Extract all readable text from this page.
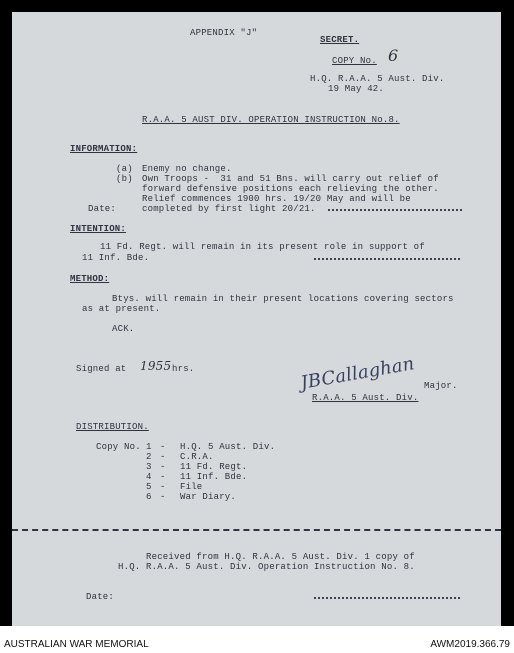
APPENDIX "J"
SECRET.
COPY No. 6
H.Q. R.A.A. 5 Aust. Div.
19 May 42.
R.A.A. 5 AUST DIV. OPERATION INSTRUCTION No.8.
INFORMATION:
(a) Enemy no change.
(b) Own Troops -  31 and 51 Bns. will carry out relief of
forward defensive positions each relieving the other.
Relief commences 1900 hrs. 19/20 May and will be
Date:	completed by first light 20/21.
INTENTION:
11 Fd. Regt. will remain in its present role in support of
11 Inf. Bde.
METHOD:
Btys. will remain in their present locations covering sectors
as at present.
ACK.
Signed at 1955 hrs.	JBCallaghan Major.
R.A.A. 5 Aust. Div.
DISTRIBUTION.
Copy No. 1 - H.Q. 5 Aust. Div.
2 - C.R.A.
3 - 11 Fd. Regt.
4 - 11 Inf. Bde.
5 - File
6 - War Diary.
Received from H.Q. R.A.A. 5 Aust. Div. 1 copy of
H.Q. R.A.A. 5 Aust. Div. Operation Instruction No. 8.
Date:
AUSTRALIAN WAR MEMORIAL	AWM2019.366.79
